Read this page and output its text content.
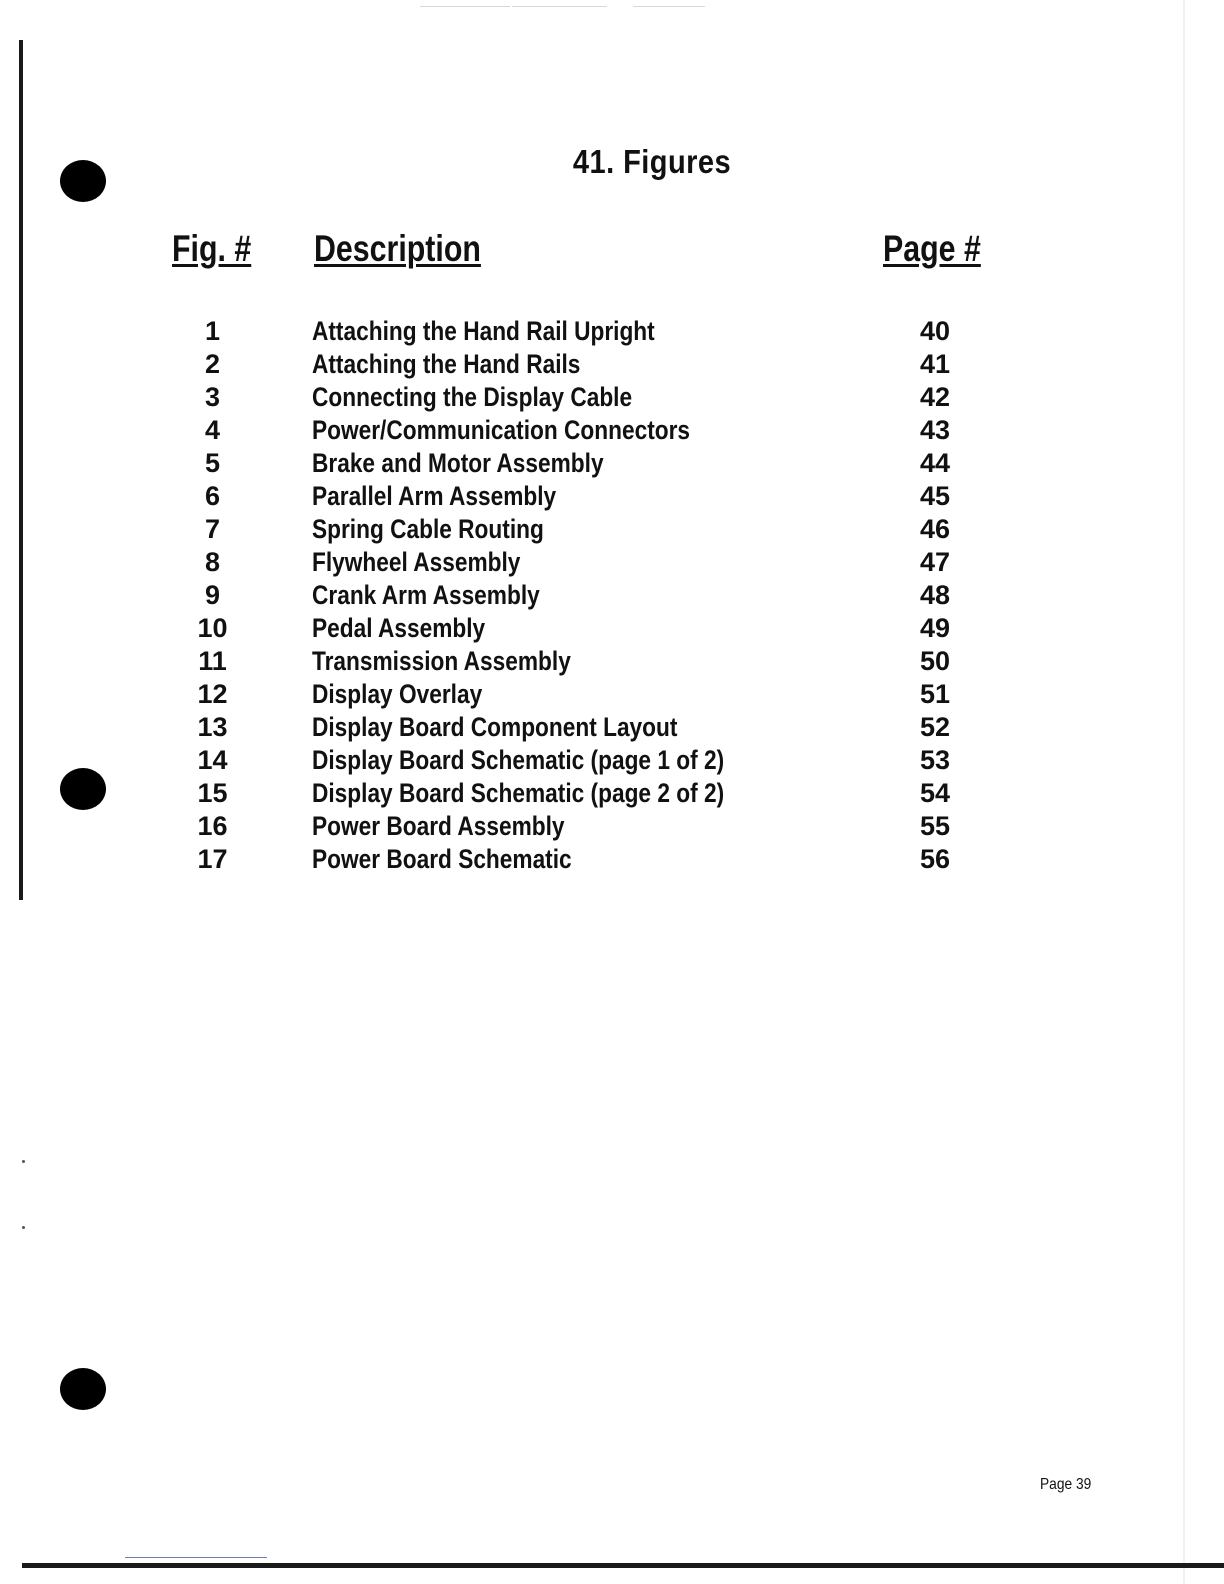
41. Figures
Fig. # Description	Page #
1	Attaching the Hand Rail Upright	40
2	Attaching the Hand Rails	41
3	Connecting the Display Cable	42
4	Power/Communication Connectors	43
5	Brake and Motor Assembly	44
6	Parallel Arm Assembly	45
7	Spring Cable Routing	46
8	Flywheel Assembly	47
9	Crank Arm Assembly	48
10	Pedal Assembly	49
11	Transmission Assembly	50
12	Display Overlay	51
13	Display Board Component Layout	52
14	Display Board Schematic (page 1 of 2)	53
15	Display Board Schematic (page 2 of 2)	54
16	Power Board Assembly	55
17	Power Board Schematic	56
Page 39
